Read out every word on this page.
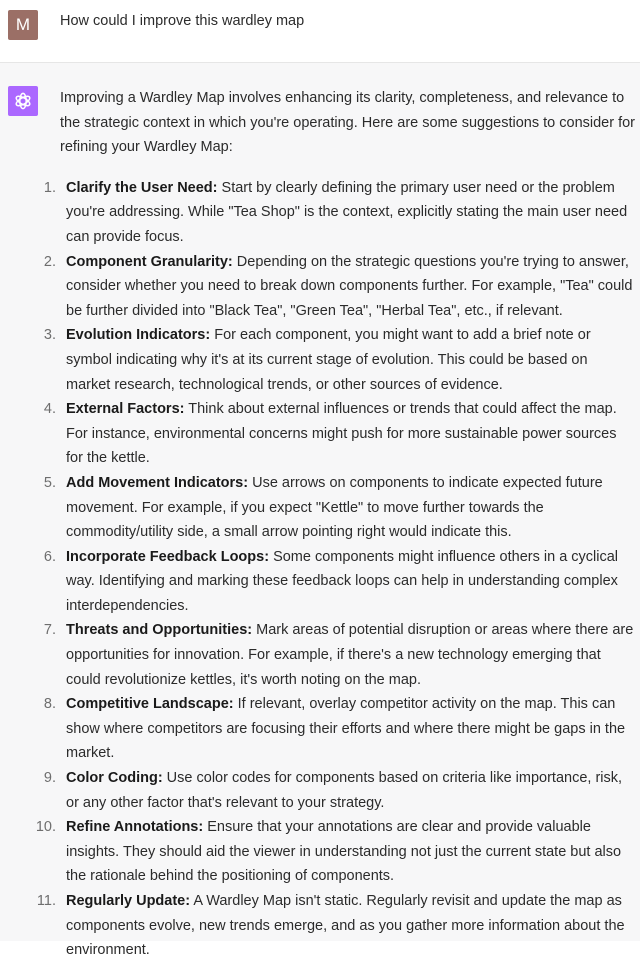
M	How could I improve this wardley map

Improving a Wardley Map involves enhancing its clarity, completeness, and relevance to the strategic context in which you're operating. Here are some suggestions to consider for refining your Wardley Map:

1. Clarify the User Need: Start by clearly defining the primary user need or the problem you're addressing. While "Tea Shop" is the context, explicitly stating the main user need can provide focus.
2. Component Granularity: Depending on the strategic questions you're trying to answer, consider whether you need to break down components further. For example, "Tea" could be further divided into "Black Tea", "Green Tea", "Herbal Tea", etc., if relevant.
3. Evolution Indicators: For each component, you might want to add a brief note or symbol indicating why it's at its current stage of evolution. This could be based on market research, technological trends, or other sources of evidence.
4. External Factors: Think about external influences or trends that could affect the map. For instance, environmental concerns might push for more sustainable power sources for the kettle.
5. Add Movement Indicators: Use arrows on components to indicate expected future movement. For example, if you expect "Kettle" to move further towards the commodity/utility side, a small arrow pointing right would indicate this.
6. Incorporate Feedback Loops: Some components might influence others in a cyclical way. Identifying and marking these feedback loops can help in understanding complex interdependencies.
7. Threats and Opportunities: Mark areas of potential disruption or areas where there are opportunities for innovation. For example, if there's a new technology emerging that could revolutionize kettles, it's worth noting on the map.
8. Competitive Landscape: If relevant, overlay competitor activity on the map. This can show where competitors are focusing their efforts and where there might be gaps in the market.
9. Color Coding: Use color codes for components based on criteria like importance, risk, or any other factor that's relevant to your strategy.
10. Refine Annotations: Ensure that your annotations are clear and provide valuable insights. They should aid the viewer in understanding not just the current state but also the rationale behind the positioning of components.
11. Regularly Update: A Wardley Map isn't static. Regularly revisit and update the map as components evolve, new trends emerge, and as you gather more information about the environment.
